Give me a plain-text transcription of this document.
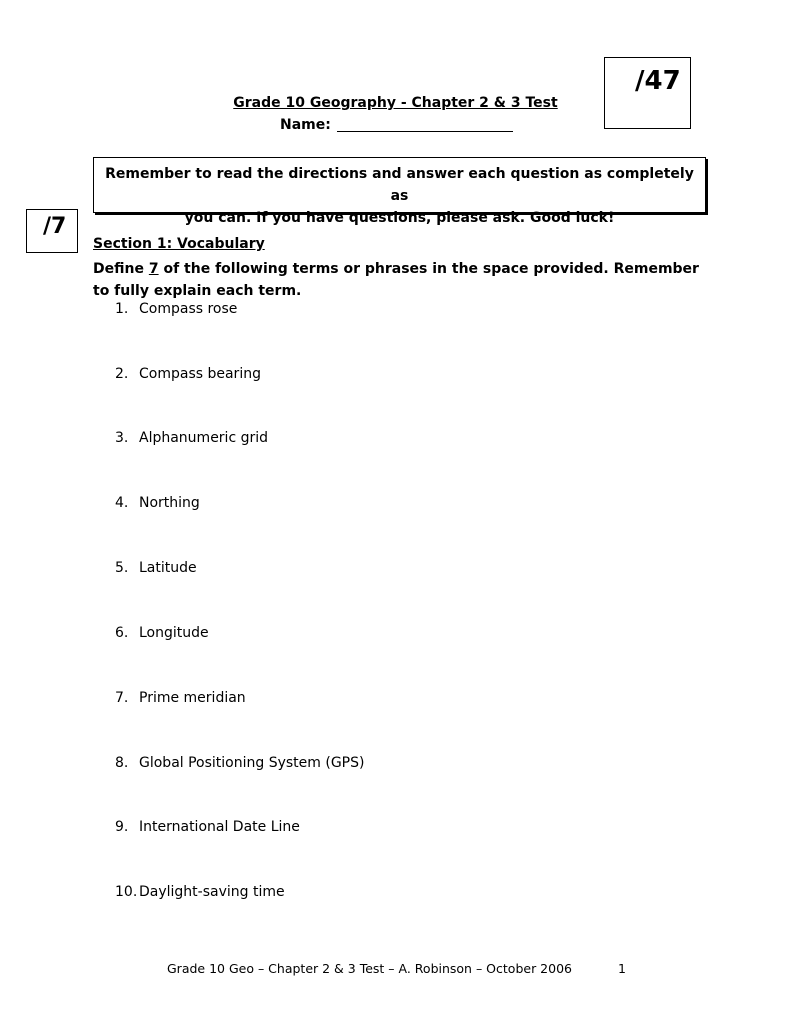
/47
Grade 10 Geography - Chapter 2 & 3 Test
Name:
Remember to read the directions and answer each question as completely as
you can. If you have questions, please ask. Good luck!
/7
Section 1: Vocabulary
Define 7 of the following terms or phrases in the space provided. Remember
to fully explain each term.
1. Compass rose
2. Compass bearing
3. Alphanumeric grid
4. Northing
5. Latitude
6. Longitude
7. Prime meridian
8. Global Positioning System (GPS)
9. International Date Line
10. Daylight-saving time
Grade 10 Geo – Chapter 2 & 3 Test – A. Robinson – October 2006	1
